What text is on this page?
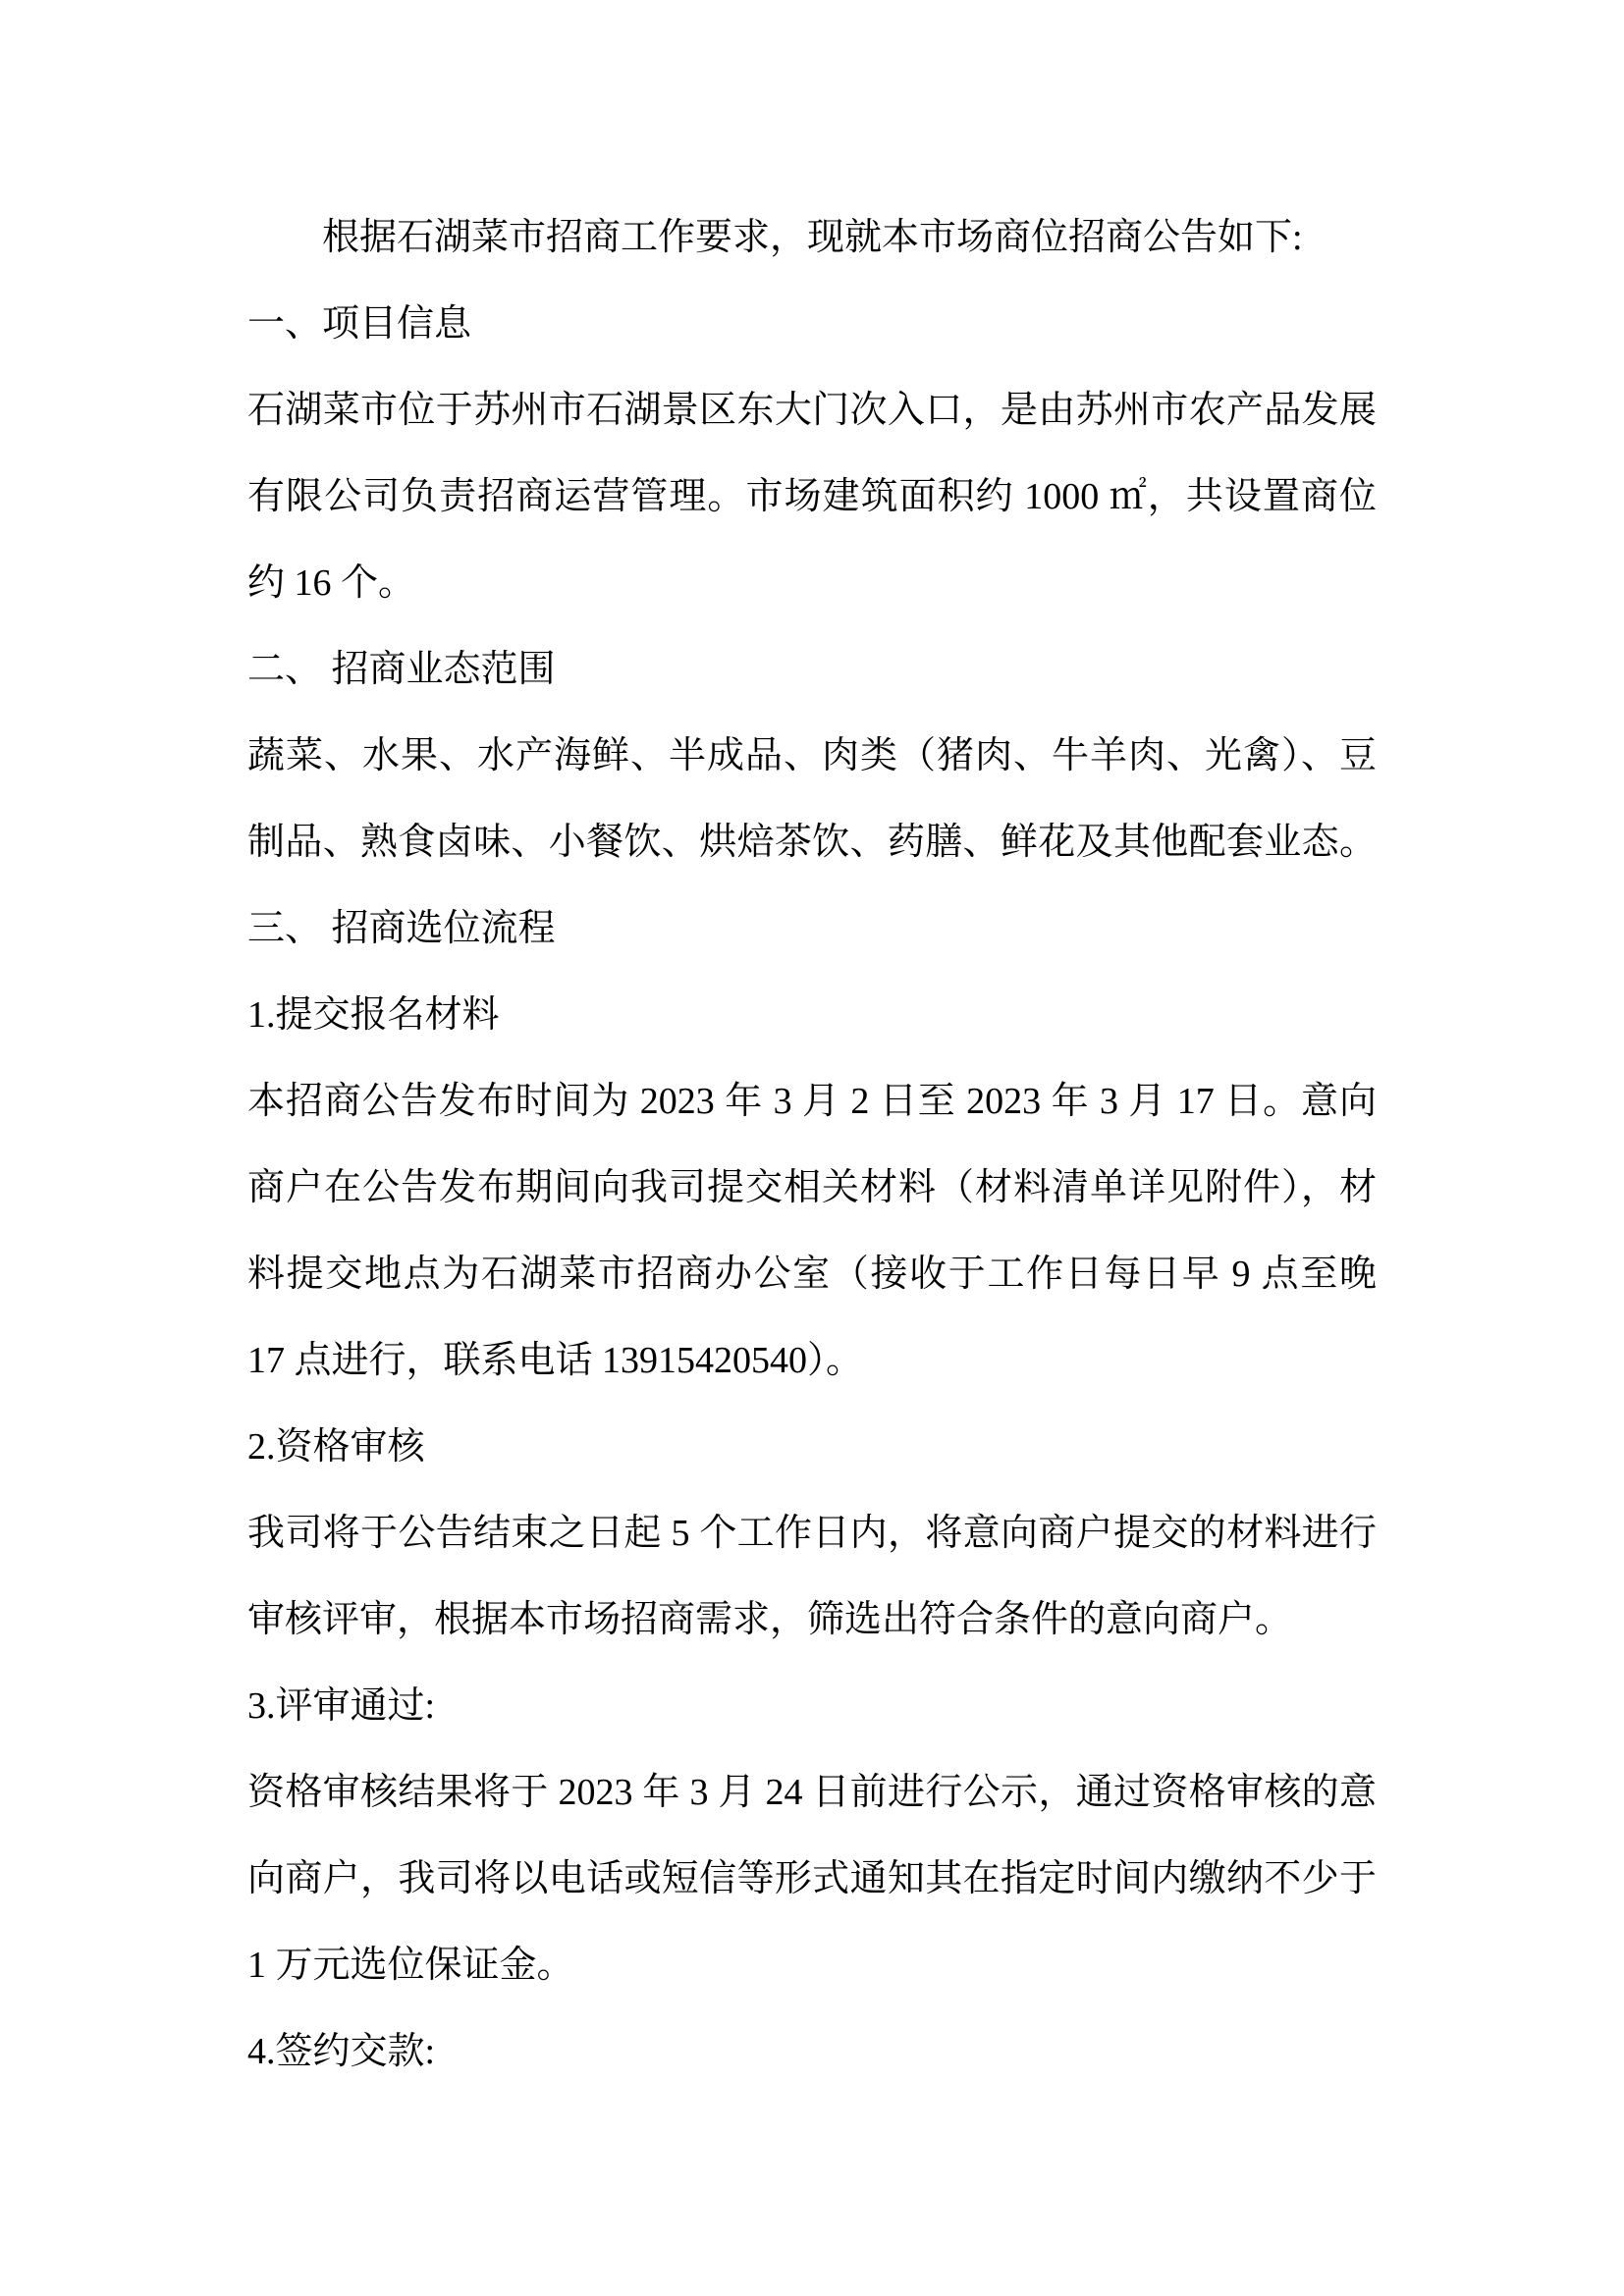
根据石湖菜市招商工作要求，现就本市场商位招商公告如下:
一、项目信息
石湖菜市位于苏州市石湖景区东大门次入口，是由苏州市农产品发展
有限公司负责招商运营管理。市场建筑面积约 1000 ㎡，共设置商位
约 16 个。
二、 招商业态范围
蔬菜、水果、水产海鲜、半成品、肉类（猪肉、牛羊肉、光禽）、豆
制品、熟食卤味、小餐饮、烘焙茶饮、药膳、鲜花及其他配套业态。
三、 招商选位流程
1.提交报名材料
本招商公告发布时间为 2023 年 3 月 2 日至 2023 年 3 月 17 日。意向
商户在公告发布期间向我司提交相关材料（材料清单详见附件），材
料提交地点为石湖菜市招商办公室（接收于工作日每日早 9 点至晚
17 点进行，联系电话 13915420540）。
2.资格审核
我司将于公告结束之日起 5 个工作日内，将意向商户提交的材料进行
审核评审，根据本市场招商需求，筛选出符合条件的意向商户。
3.评审通过:
资格审核结果将于 2023 年 3 月 24 日前进行公示，通过资格审核的意
向商户，我司将以电话或短信等形式通知其在指定时间内缴纳不少于
1 万元选位保证金。
4.签约交款:
